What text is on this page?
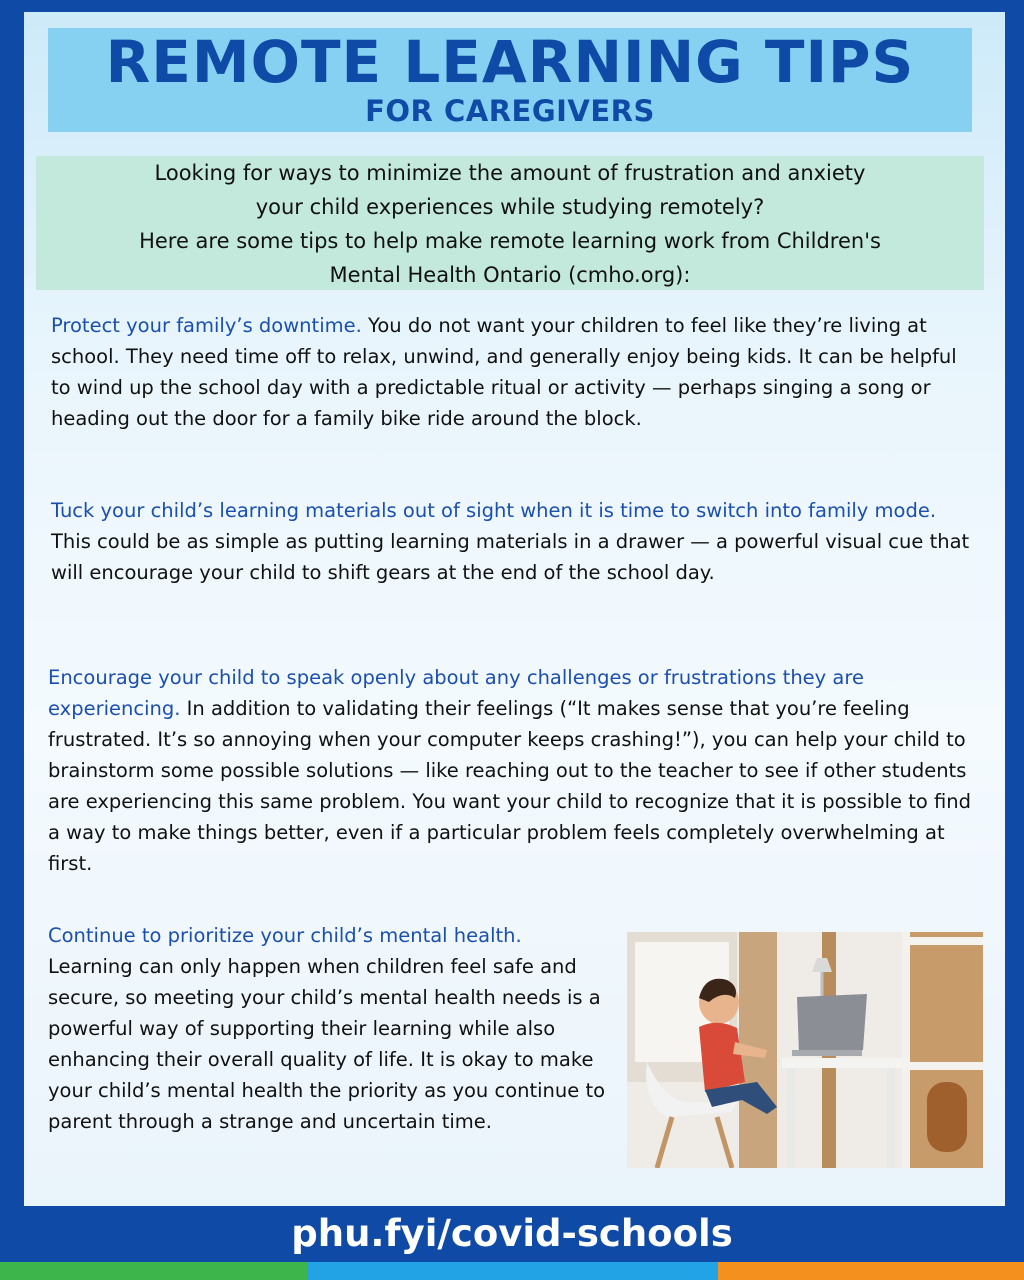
REMOTE LEARNING TIPS

FOR CAREGIVERS

Looking for ways to minimize the amount of frustration and anxiety

your child experiences while studying remotely?

Here are some tips to help make remote learning work from Children's

Mental Health Ontario (cmho.org):

Protect your family’s downtime. You do not want your children to feel like they’re living at school. They need time off to relax, unwind, and generally enjoy being kids. It can be helpful to wind up the school day with a predictable ritual or activity — perhaps singing a song or heading out the door for a family bike ride around the block.

Tuck your child’s learning materials out of sight when it is time to switch into family mode. This could be as simple as putting learning materials in a drawer — a powerful visual cue that will encourage your child to shift gears at the end of the school day.

Encourage your child to speak openly about any challenges or frustrations they are experiencing. In addition to validating their feelings (“It makes sense that you’re feeling frustrated. It’s so annoying when your computer keeps crashing!”), you can help your child to brainstorm some possible solutions — like reaching out to the teacher to see if other students are experiencing this same problem. You want your child to recognize that it is possible to find a way to make things better, even if a particular problem feels completely overwhelming at first.

Continue to prioritize your child’s mental health.
Learning can only happen when children feel safe and secure, so meeting your child’s mental health needs is a powerful way of supporting their learning while also enhancing their overall quality of life. It is okay to make your child’s mental health the priority as you continue to parent through a strange and uncertain time.

phu.fyi/covid-schools
